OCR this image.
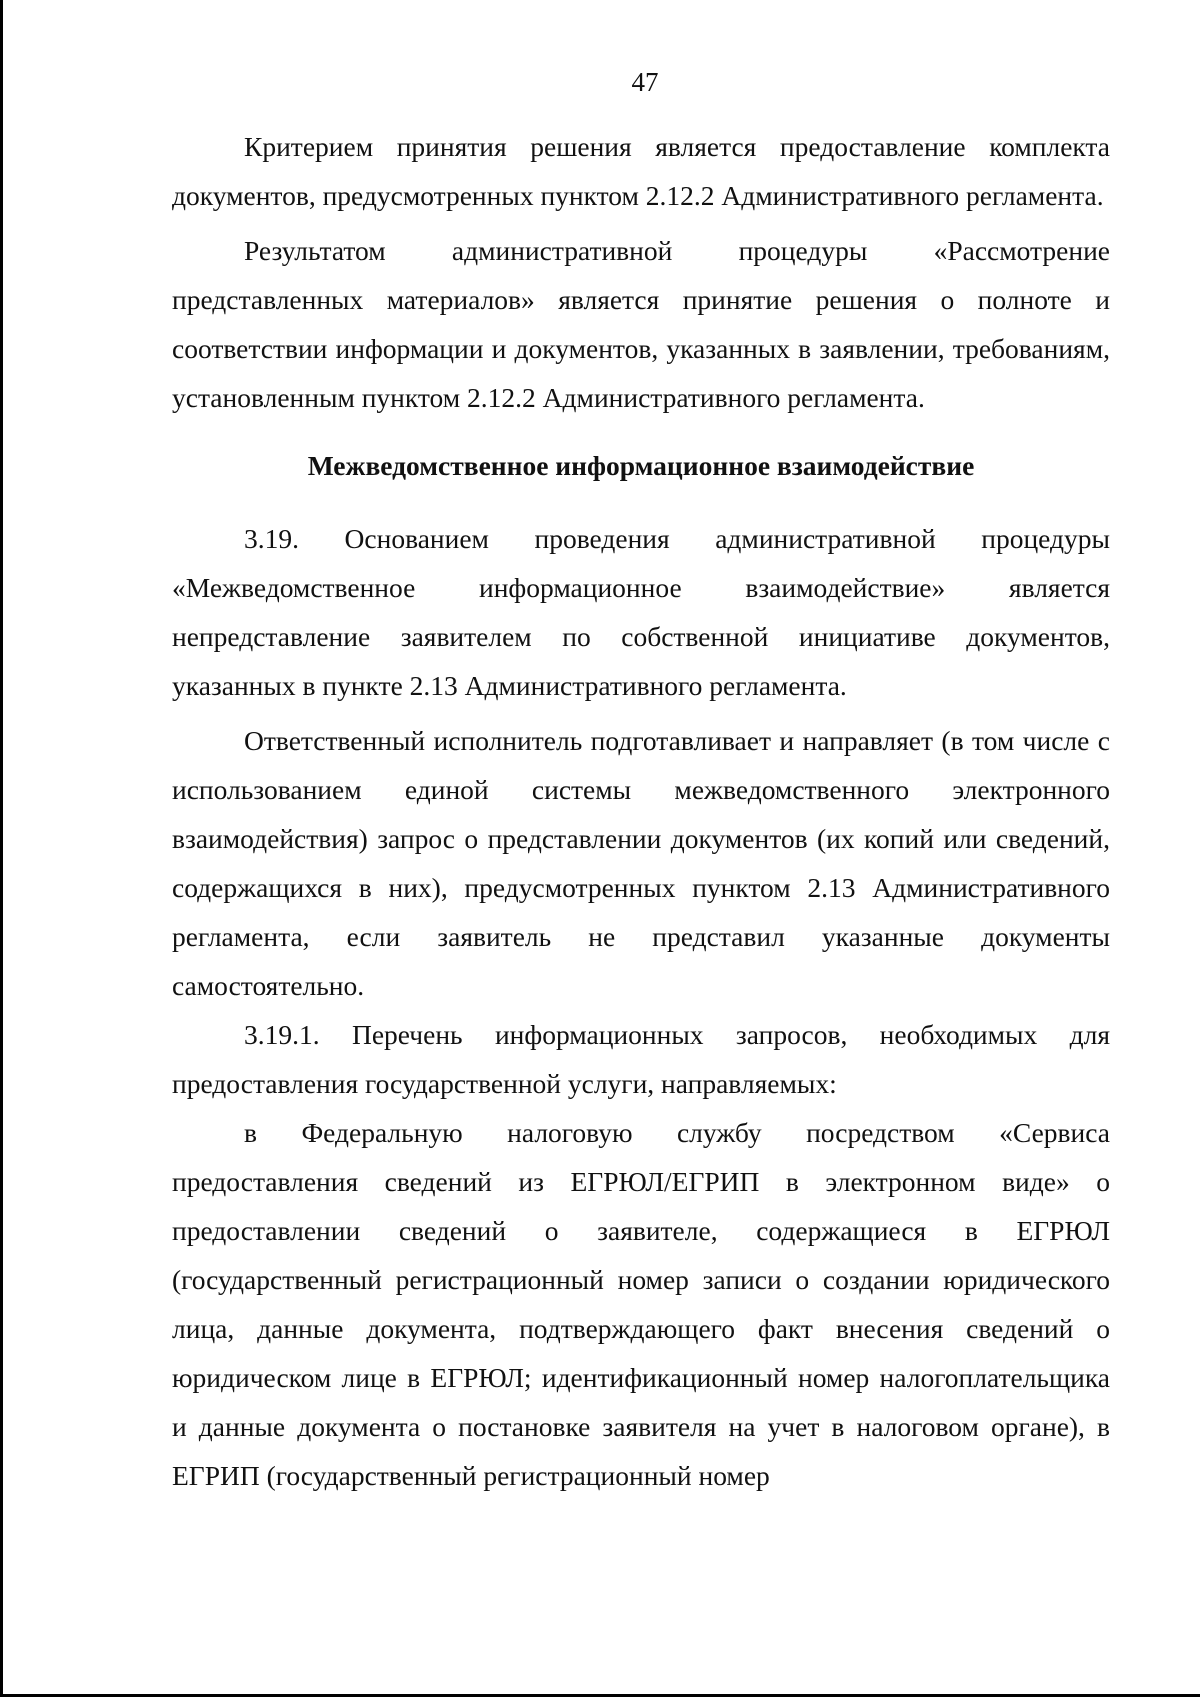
47

Критерием принятия решения является предоставление комплекта документов, предусмотренных пунктом 2.12.2 Административного регламента.

Результатом административной процедуры «Рассмотрение представленных материалов» является принятие решения о полноте и соответствии информации и документов, указанных в заявлении, требованиям, установленным пунктом 2.12.2 Административного регламента.

Межведомственное информационное взаимодействие

3.19. Основанием проведения административной процедуры «Межведомственное информационное взаимодействие» является непредставление заявителем по собственной инициативе документов, указанных в пункте 2.13 Административного регламента.

Ответственный исполнитель подготавливает и направляет (в том числе с использованием единой системы межведомственного электронного взаимодействия) запрос о представлении документов (их копий или сведений, содержащихся в них), предусмотренных пунктом 2.13 Административного регламента, если заявитель не представил указанные документы самостоятельно.

3.19.1. Перечень информационных запросов, необходимых для предоставления государственной услуги, направляемых:

в Федеральную налоговую службу посредством «Сервиса предоставления сведений из ЕГРЮЛ/ЕГРИП в электронном виде» о предоставлении сведений о заявителе, содержащиеся в ЕГРЮЛ (государственный регистрационный номер записи о создании юридического лица, данные документа, подтверждающего факт внесения сведений о юридическом лице в ЕГРЮЛ; идентификационный номер налогоплательщика и данные документа о постановке заявителя на учет в налоговом органе), в ЕГРИП (государственный регистрационный номер
